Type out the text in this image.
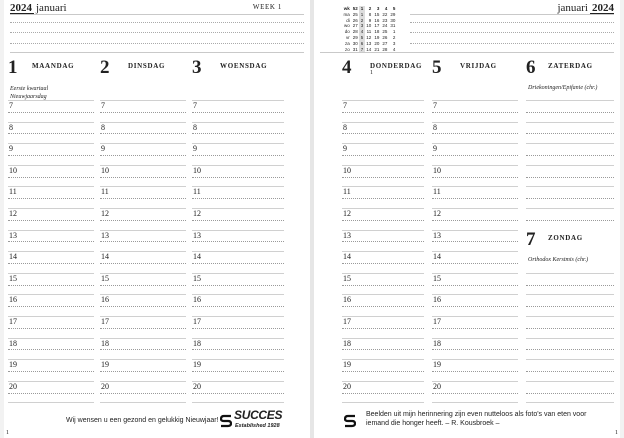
2024 januari	WEEK 1
1 MAANDAG
Eerste kwartaal
Nieuwjaarsdag
7
8
9
10
11
12
13
14
15
16
17
18
19
20
2	DINSDAG
7
8
9
10
11
12
13
14
15
16
17
18
19
20
3	WOENSDAG
7
8
9
10
11
12
13
14
15
16
17
18
19
20
Wij wensen u een gezond en gelukkig Nieuwjaar! SUCCES
Established 1928
1
wk	52	1	2	3	4	5
ma	25	1	8	15	22	29
di	26	2	9	16	23	30
wo	27	3	10	17	24	31
do	28	4	11	18	25	1
vr	29	5	12	19	26	2
za	30	6	13	20	27	3
zo	31	7	14	21	28	4
januari 2024
4	DONDERDAG
1
7
8
9
10
11
12
13
14
15
16
17
18
19
20
5	VRIJDAG
7
8
9
10
11
12
13
14
15
16
17
18
19
20
6 ZATERDAG
Driekoningen/Epifanie (chr.)
7 ZONDAG
Orthodox Kerstmis (chr.)
Beelden uit mijn herinnering zijn even nutteloos als foto's van eten voor
iemand die honger heeft. – R. Kousbroek –
1
